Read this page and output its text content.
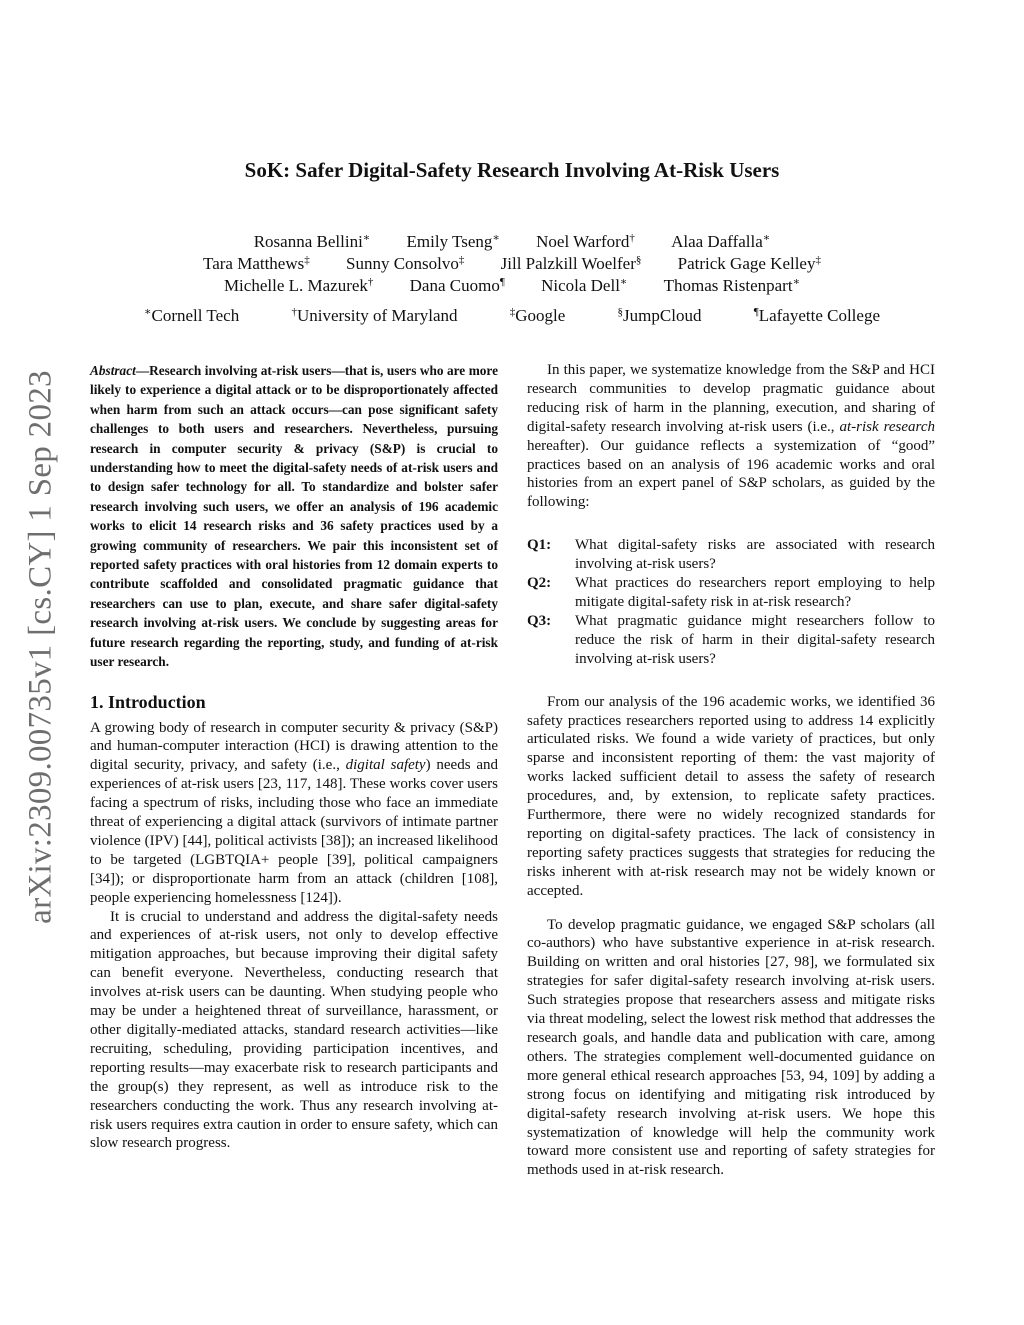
arXiv:2309.00735v1 [cs.CY] 1 Sep 2023
SoK: Safer Digital-Safety Research Involving At-Risk Users
Rosanna Bellini∗ Emily Tseng∗ Noel Warford† Alaa Daffalla∗
Tara Matthews‡ Sunny Consolvo‡ Jill Palzkill Woelfer§ Patrick Gage Kelley‡
Michelle L. Mazurek† Dana Cuomo¶ Nicola Dell∗ Thomas Ristenpart∗
∗Cornell Tech	†University of Maryland	‡Google	§JumpCloud	¶Lafayette College

Abstract—Research involving at-risk users—that is, users who are more likely to experience a digital attack or to be disproportionately affected when harm from such an attack occurs—can pose significant safety challenges to both users and researchers. Nevertheless, pursuing research in computer security & privacy (S&P) is crucial to understanding how to meet the digital-safety needs of at-risk users and to design safer technology for all. To standardize and bolster safer research involving such users, we offer an analysis of 196 academic works to elicit 14 research risks and 36 safety practices used by a growing community of researchers. We pair this inconsistent set of reported safety practices with oral histories from 12 domain experts to contribute scaffolded and consolidated pragmatic guidance that researchers can use to plan, execute, and share safer digital-safety research involving at-risk users. We conclude by suggesting areas for future research regarding the reporting, study, and funding of at-risk user research.

1. Introduction

A growing body of research in computer security & privacy (S&P) and human-computer interaction (HCI) is drawing attention to the digital security, privacy, and safety (i.e., digital safety) needs and experiences of at-risk users [23, 117, 148]. These works cover users facing a spectrum of risks, including those who face an immediate threat of experiencing a digital attack (survivors of intimate partner violence (IPV) [44], political activists [38]); an increased likelihood to be targeted (LGBTQIA+ people [39], political campaigners [34]); or disproportionate harm from an attack (children [108], people experiencing homelessness [124]).

It is crucial to understand and address the digital-safety needs and experiences of at-risk users, not only to develop effective mitigation approaches, but because improving their digital safety can benefit everyone. Nevertheless, conducting research that involves at-risk users can be daunting. When studying people who may be under a heightened threat of surveillance, harassment, or other digitally-mediated attacks, standard research activities—like recruiting, scheduling, providing participation incentives, and reporting results—may exacerbate risk to research participants and the group(s) they represent, as well as introduce risk to the researchers conducting the work. Thus any research involving at-risk users requires extra caution in order to ensure safety, which can slow research progress.

In this paper, we systematize knowledge from the S&P and HCI research communities to develop pragmatic guidance about reducing risk of harm in the planning, execution, and sharing of digital-safety research involving at-risk users (i.e., at-risk research hereafter). Our guidance reflects a systemization of “good” practices based on an analysis of 196 academic works and oral histories from an expert panel of S&P scholars, as guided by the following:

Q1:	What digital-safety risks are associated with research involving at-risk users?
Q2:	What practices do researchers report employing to help mitigate digital-safety risk in at-risk research?
Q3:	What pragmatic guidance might researchers follow to reduce the risk of harm in their digital-safety research involving at-risk users?

From our analysis of the 196 academic works, we identified 36 safety practices researchers reported using to address 14 explicitly articulated risks. We found a wide variety of practices, but only sparse and inconsistent reporting of them: the vast majority of works lacked sufficient detail to assess the safety of research procedures, and, by extension, to replicate safety practices. Furthermore, there were no widely recognized standards for reporting on digital-safety practices. The lack of consistency in reporting safety practices suggests that strategies for reducing the risks inherent with at-risk research may not be widely known or accepted.

To develop pragmatic guidance, we engaged S&P scholars (all co-authors) who have substantive experience in at-risk research. Building on written and oral histories [27, 98], we formulated six strategies for safer digital-safety research involving at-risk users. Such strategies propose that researchers assess and mitigate risks via threat modeling, select the lowest risk method that addresses the research goals, and handle data and publication with care, among others. The strategies complement well-documented guidance on more general ethical research approaches [53, 94, 109] by adding a strong focus on identifying and mitigating risk introduced by digital-safety research involving at-risk users. We hope this systematization of knowledge will help the community work toward more consistent use and reporting of safety strategies for methods used in at-risk research.
